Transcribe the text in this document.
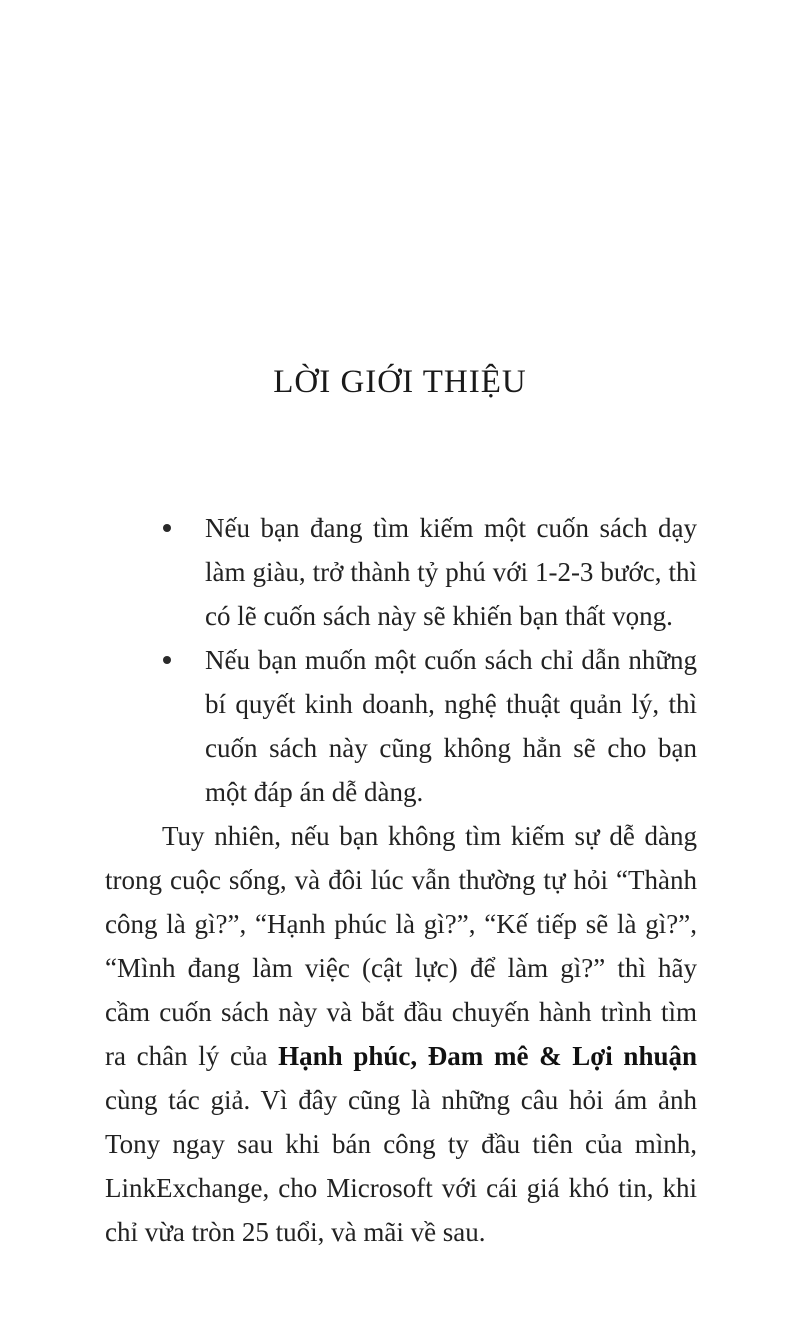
LỜI GIỚI THIỆU
Nếu bạn đang tìm kiếm một cuốn sách dạy
làm giàu, trở thành tỷ phú với 1-2-3 bước, thì
có lẽ cuốn sách này sẽ khiến bạn thất vọng.
Nếu bạn muốn một cuốn sách chỉ dẫn những
bí quyết kinh doanh, nghệ thuật quản lý, thì
cuốn sách này cũng không hẳn sẽ cho bạn
một đáp án dễ dàng.
Tuy nhiên, nếu bạn không tìm kiếm sự dễ dàng
trong cuộc sống, và đôi lúc vẫn thường tự hỏi “Thành
công là gì?”, “Hạnh phúc là gì?”, “Kế tiếp sẽ là gì?”,
“Mình đang làm việc (cật lực) để làm gì?” thì hãy
cầm cuốn sách này và bắt đầu chuyến hành trình tìm
ra chân lý của Hạnh phúc, Đam mê & Lợi nhuận
cùng tác giả. Vì đây cũng là những câu hỏi ám ảnh
Tony ngay sau khi bán công ty đầu tiên của mình,
LinkExchange, cho Microsoft với cái giá khó tin, khi
chỉ vừa tròn 25 tuổi, và mãi về sau.
